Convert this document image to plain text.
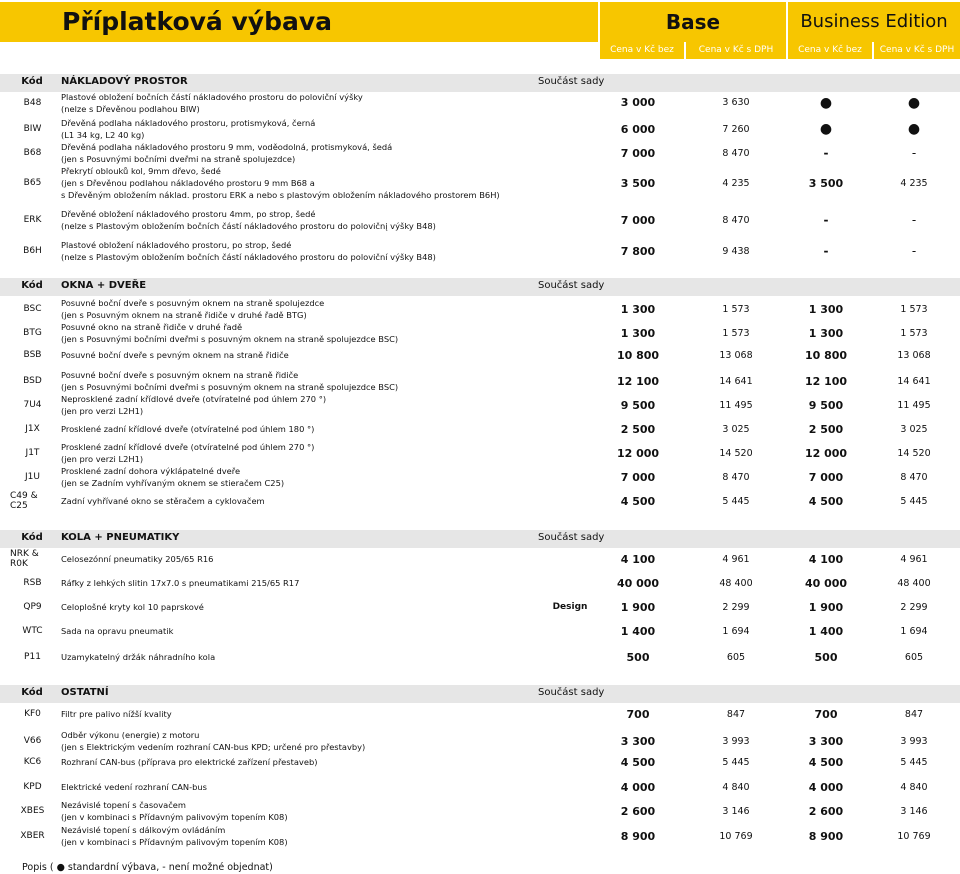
Příplatková výbava	Base	Business Edition
Cena v Kč bez DPH
Cena v Kč s DPH	Cena v Kč bez DPH
Cena v Kč s DPH
Kód	NÁKLADOVÝ PROSTOR	Součást sady
B48
Plastové obložení bočních částí nákladového prostoru do poloviční výšky
(nelze s Dřevěnou podlahou BIW)	3 000	3 630	●	●
BIW
Dřevěná podlaha nákladového prostoru, protismyková, černá
(L1 34 kg, L2 40 kg)	6 000	7 260	●	●
B68
Dřevěná podlaha nákladového prostoru 9 mm, voděodolná, protismyková, šedá
(jen s Posuvnými bočními dveřmi na straně spolujezdce)	7 000	8 470	-	-
B65
Překrytí oblouků kol, 9mm dřevo, šedé
(jen s Dřevěnou podlahou nákladového prostoru 9 mm B68 a
s Dřevěným obložením náklad. prostoru ERK a nebo s plastovým obložením nákladového prostorem B6H)
3 500	4 235	3 500	4 235
ERK
Dřevěné obložení nákladového prostoru 4mm, po strop, šedé
(nelze s Plastovým obložením bočních částí nákladového prostoru do polovičnį výšky B48)	7 000	8 470	-	-
B6H
Plastové obložení nákladového prostoru, po strop, šedé
(nelze s Plastovým obložením bočních částí nákladového prostoru do poloviční výšky B48)	7 800	9 438	-	-
Kód	OKNA + DVEŘE	Součást sady
BSC
Posuvné boční dveře s posuvným oknem na straně spolujezdce
(jen s Posuvným oknem na straně řidiče v druhé řadě BTG)	1 300	1 573	1 300	1 573
BTG
Posuvné okno na straně řidiče v druhé řadě
(jen s Posuvnými bočními dveřmi s posuvným oknem na straně spolujezdce BSC)	1 300	1 573	1 300	1 573
BSB	Posuvné boční dveře s pevným oknem na straně řidiče	10 800	13 068	10 800	13 068
BSD
Posuvné boční dveře s posuvným oknem na straně řidiče
(jen s Posuvnými bočními dveřmi s posuvným oknem na straně spolujezdce BSC)	12 100	14 641	12 100	14 641
7U4
Neprosklené zadní křídlové dveře (otvíratelné pod úhlem 270 °)
(jen pro verzi L2H1)	9 500	11 495	9 500	11 495
J1X	Prosklené zadní křídlové dveře (otvíratelné pod úhlem 180 °)	2 500	3 025	2 500	3 025
J1T
Prosklené zadní křídlové dveře (otvíratelné pod úhlem 270 °)
(jen pro verzi L2H1)	12 000	14 520	12 000	14 520
J1U
Prosklené zadní dohora výklápatelné dveře
(jen se Zadním vyhřívaným oknem se stieračem C25)	7 000	8 470	7 000	8 470
C49 & C25	Zadní vyhřívané okno se stěračem a cyklovačem	4 500	5 445	4 500	5 445
Kód	KOLA + PNEUMATIKY	Součást sady
NRK & R0K	Celosezónní pneumatiky 205/65 R16	4 100	4 961	4 100	4 961
RSB	Ráfky z lehkých slitin 17x7.0 s pneumatikami 215/65 R17	40 000	48 400	40 000	48 400
QP9	Celoplošné kryty kol 10 paprskové	Design	1 900	2 299	1 900	2 299
WTC	Sada na opravu pneumatik	1 400	1 694	1 400	1 694
P11	Uzamykatelný držák náhradního kola	500	605	500	605
Kód	OSTATNÍ	Součást sady
KF0	Filtr pre palivo nížší kvality	700	847	700	847
V66
Odběr výkonu (energie) z motoru
(jen s Elektrickým vedením rozhraní CAN-bus KPD; určené pro přestavby)	3 300	3 993	3 300	3 993
KC6	Rozhraní CAN-bus (příprava pro elektrické zařízení přestaveb)	4 500	5 445	4 500	5 445
KPD	Elektrické vedení rozhraní CAN-bus	4 000	4 840	4 000	4 840
XBES
Nezávislé topení s časovačem
(jen v kombinaci s Přídavným palivovým topením K08)	2 600	3 146	2 600	3 146
XBER
Nezávislé topení s dálkovým ovládáním
(jen v kombinaci s Přídavným palivovým topením K08)	8 900	10 769	8 900	10 769
Popis ( ● standardní výbava, - není možné objednat)
